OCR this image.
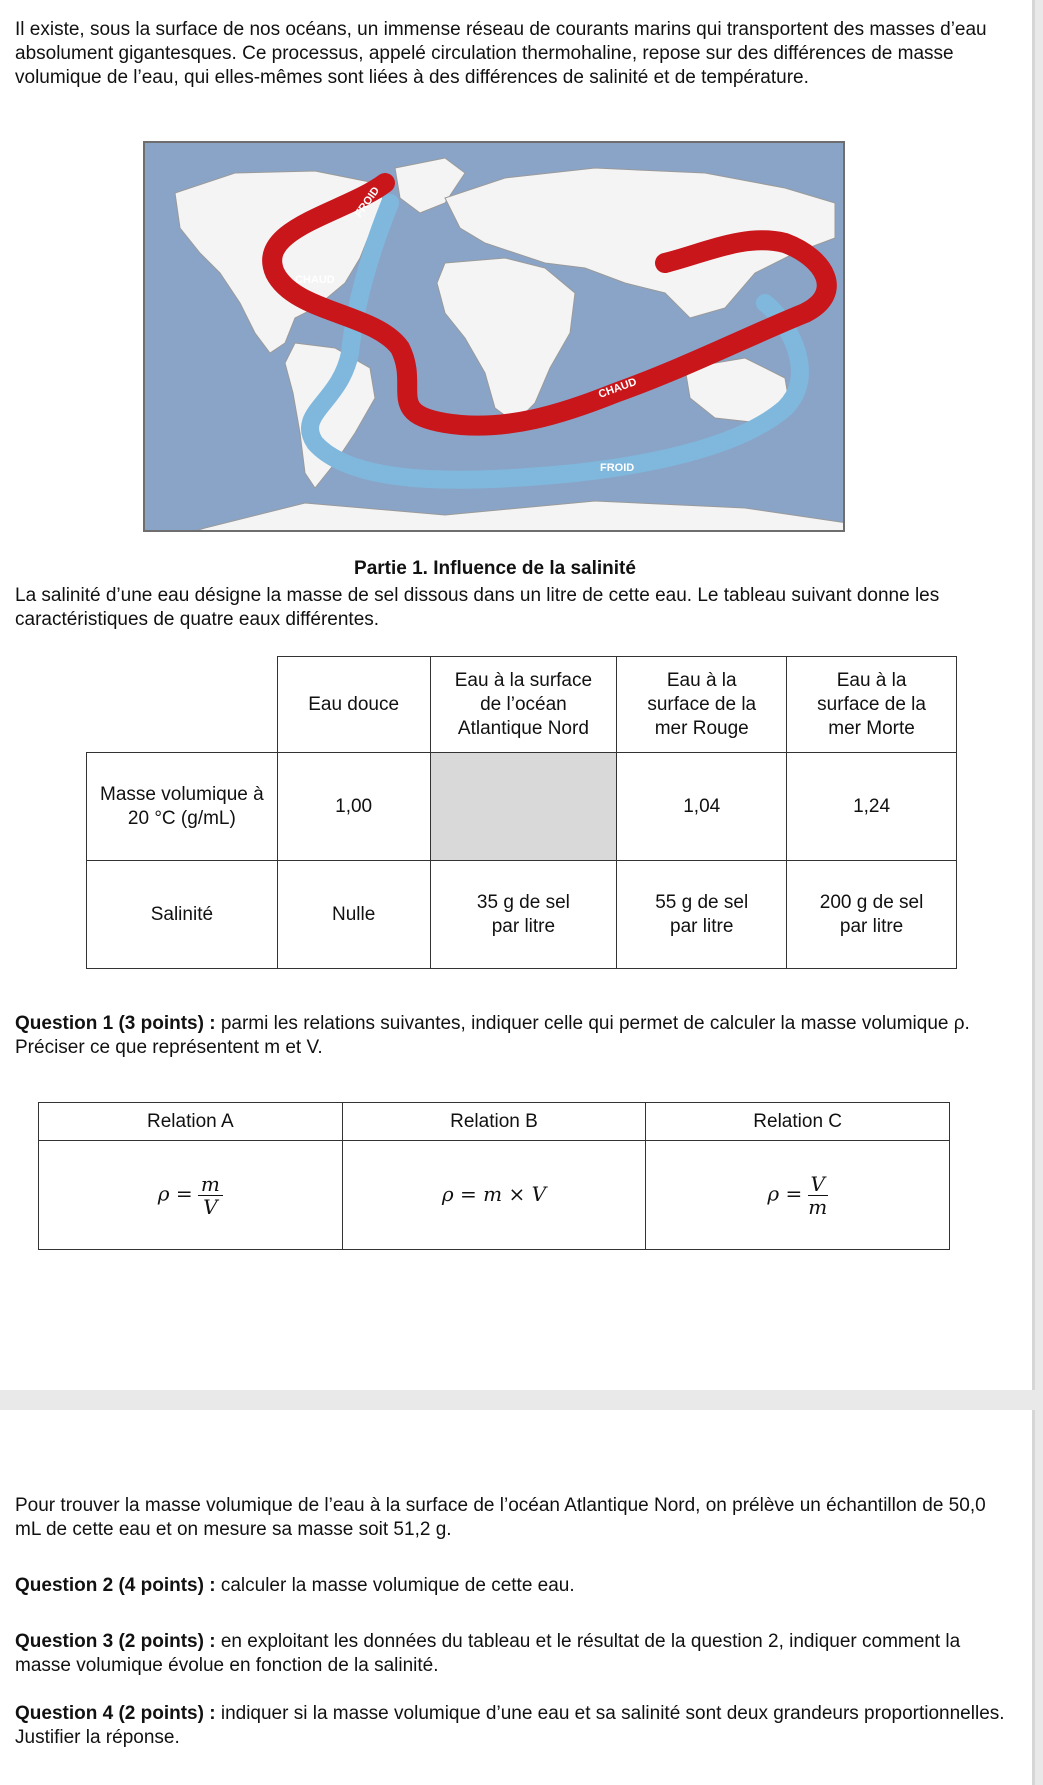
Il existe, sous la surface de nos océans, un immense réseau de courants marins qui transportent des masses d’eau absolument gigantesques. Ce processus, appelé circulation thermohaline, repose sur des différences de masse volumique de l’eau, qui elles-mêmes sont liées à des différences de salinité et de température.

FROID
CHAUD
CHAUD
FROID
Partie 1. Influence de la salinité

La salinité d’une eau désigne la masse de sel dissous dans un litre de cette eau. Le tableau suivant donne les caractéristiques de quatre eaux différentes.

	Eau douce	Eau à la surface de l’océan Atlantique Nord	Eau à la surface de la mer Rouge	Eau à la surface de la mer Morte
Masse volumique à 20 °C (g/mL)	1,00		1,04	1,24
Salinité	Nulle	35 g de sel par litre	55 g de sel par litre	200 g de sel par litre

Question 1 (3 points) : parmi les relations suivantes, indiquer celle qui permet de calculer la masse volumique ρ. Préciser ce que représentent m et V.

Relation A	Relation B	Relation C
$\rho = \frac{m}{V}$	ρ = m × V	$\rho = \frac{V}{m}$

Pour trouver la masse volumique de l’eau à la surface de l’océan Atlantique Nord, on prélève un échantillon de 50,0 mL de cette eau et on mesure sa masse soit 51,2 g.

Question 2 (4 points) : calculer la masse volumique de cette eau.

Question 3 (2 points) : en exploitant les données du tableau et le résultat de la question 2, indiquer comment la masse volumique évolue en fonction de la salinité.

Question 4 (2 points) : indiquer si la masse volumique d’une eau et sa salinité sont deux grandeurs proportionnelles. Justifier la réponse.
